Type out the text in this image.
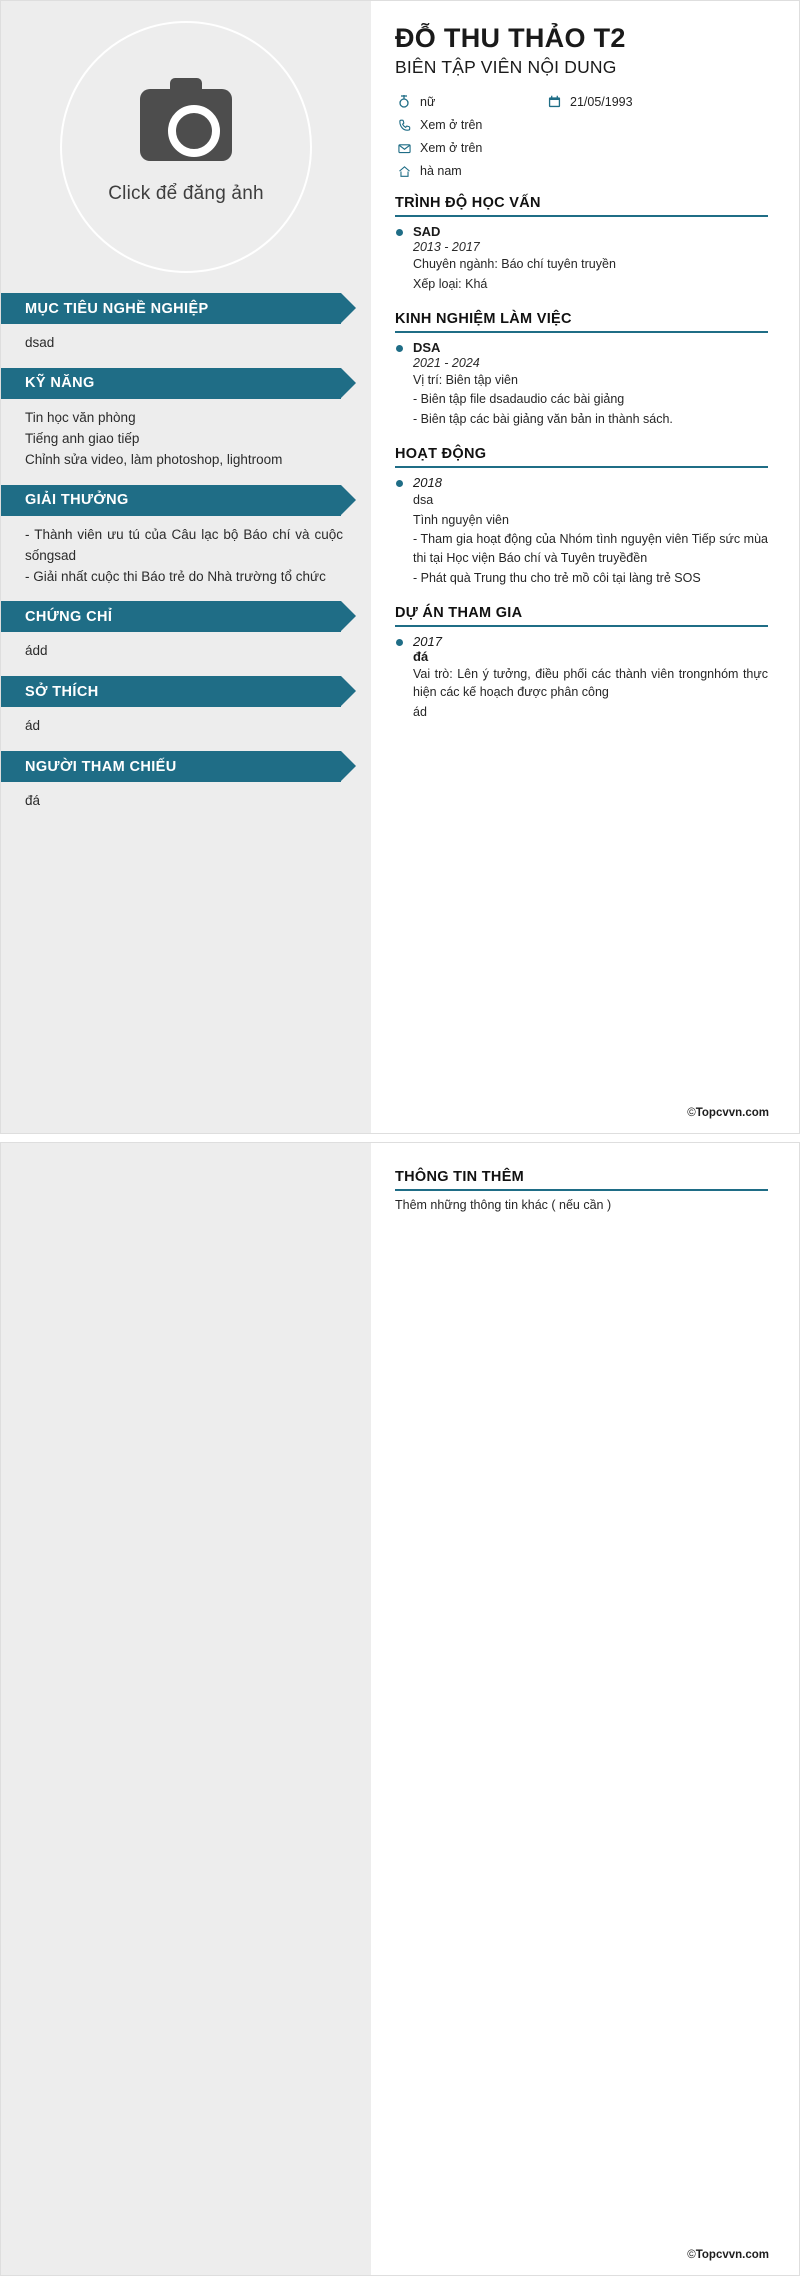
Click để đăng ảnh
MỤC TIÊU NGHỀ NGHIỆP
dsad
KỸ NĂNG
Tin học văn phòng
Tiếng anh giao tiếp
Chỉnh sửa video, làm photoshop, lightroom
GIẢI THƯỞNG
- Thành viên ưu tú của Câu lạc bộ Báo chí và cuộc sốngsad
- Giải nhất cuộc thi Báo trẻ do Nhà trường tổ chức
CHỨNG CHỈ
ádd
SỞ THÍCH
ád
NGƯỜI THAM CHIẾU
đá
ĐỖ THU THẢO T2
BIÊN TẬP VIÊN NỘI DUNG
nữ	21/05/1993
Xem ở trên
Xem ở trên
hà nam
TRÌNH ĐỘ HỌC VẤN
SAD
2013 - 2017
Chuyên ngành: Báo chí tuyên truyền
Xếp loại: Khá
KINH NGHIỆM LÀM VIỆC
DSA
2021 - 2024
Vị trí: Biên tập viên
- Biên tập file dsadaudio các bài giảng
- Biên tập các bài giảng văn bản in thành sách.
HOẠT ĐỘNG
2018
dsa
Tình nguyện viên
- Tham gia hoạt động của Nhóm tình nguyện viên Tiếp sức mùa thi tại Học viện Báo chí và Tuyên truyềđền
- Phát quà Trung thu cho trẻ mồ côi tại làng trẻ SOS
DỰ ÁN THAM GIA
2017
đá
Vai trò: Lên ý tưởng, điều phối các thành viên trongnhóm thực hiện các kế hoạch được phân công
ád
©Topcvvn.com
THÔNG TIN THÊM
Thêm những thông tin khác ( nếu cần )
©Topcvvn.com
